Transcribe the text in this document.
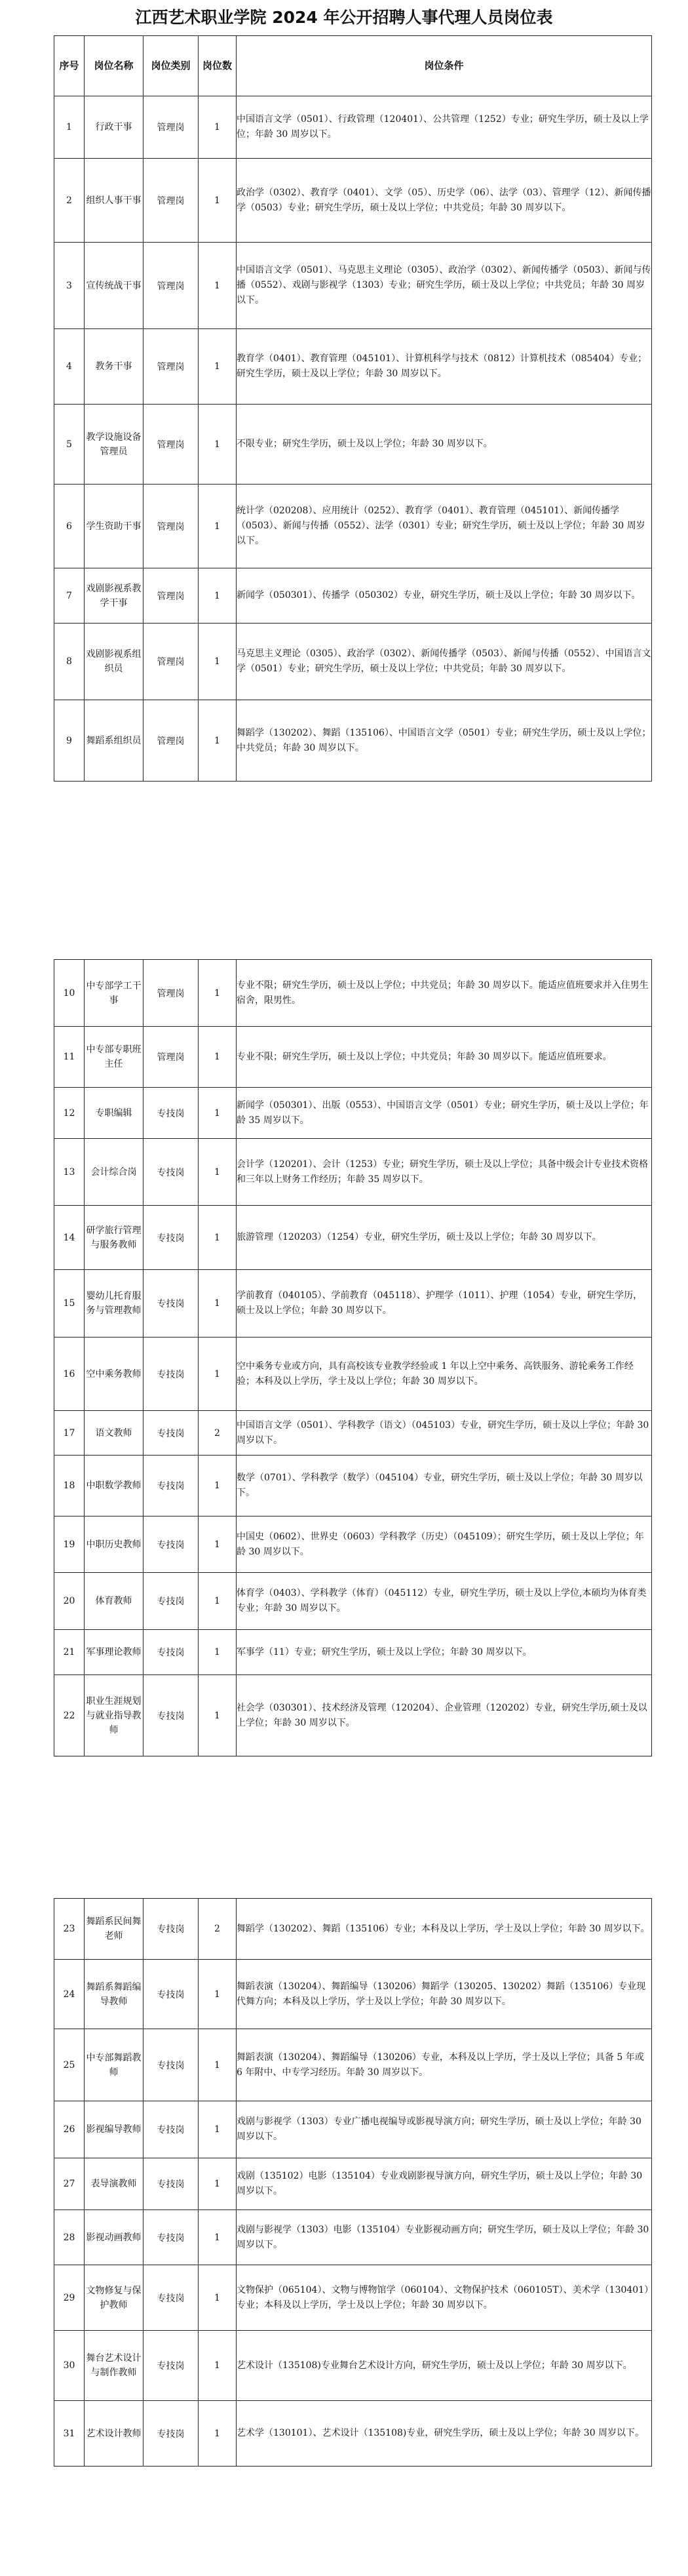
江西艺术职业学院 2024 年公开招聘人事代理人员岗位表
序号	岗位名称	岗位类别	岗位数	岗位条件
1	行政干事	管理岗	1	中国语言文学（0501）、行政管理（120401）、公共管理（1252）专业；研究生学历，硕士及以上学位；年龄 30 周岁以下。
2	组织人事干事	管理岗	1	政治学（0302）、教育学（0401）、文学（05）、历史学（06）、法学（03）、管理学（12）、新闻传播学（0503）专业；研究生学历，硕士及以上学位；中共党员；年龄 30 周岁以下。
3	宣传统战干事	管理岗	1	中国语言文学（0501）、马克思主义理论（0305）、政治学（0302）、新闻传播学（0503）、新闻与传播（0552）、戏剧与影视学（1303）专业；研究生学历，硕士及以上学位；中共党员；年龄 30 周岁以下。
4	教务干事	管理岗	1	教育学（0401）、教育管理（045101）、计算机科学与技术（0812）计算机技术（085404）专业；研究生学历，硕士及以上学位；年龄 30 周岁以下。
5	教学设施设备管理员	管理岗	1	不限专业；研究生学历，硕士及以上学位；年龄 30 周岁以下。
6	学生资助干事	管理岗	1	统计学（020208）、应用统计（0252）、教育学（0401）、教育管理（045101）、新闻传播学（0503）、新闻与传播（0552）、法学（0301）专业；研究生学历，硕士及以上学位；年龄 30 周岁以下。
7	戏剧影视系教学干事	管理岗	1	新闻学（050301）、传播学（050302）专业，研究生学历，硕士及以上学位；年龄 30 周岁以下。
8	戏剧影视系组织员	管理岗	1	马克思主义理论（0305）、政治学（0302）、新闻传播学（0503）、新闻与传播（0552）、中国语言文学（0501）专业；研究生学历，硕士及以上学位；中共党员；年龄 30 周岁以下。
9	舞蹈系组织员	管理岗	1	舞蹈学（130202）、舞蹈（135106）、中国语言文学（0501）专业；研究生学历，硕士及以上学位；中共党员；年龄 30 周岁以下。
10	中专部学工干事	管理岗	1	专业不限；研究生学历，硕士及以上学位；中共党员；年龄 30 周岁以下。能适应值班要求并入住男生宿舍，限男性。
11	中专部专职班主任	管理岗	1	专业不限；研究生学历，硕士及以上学位；中共党员；年龄 30 周岁以下。能适应值班要求。
12	专职编辑	专技岗	1	新闻学（050301）、出版（0553）、中国语言文学（0501）专业；研究生学历，硕士及以上学位；年龄 35 周岁以下。
13	会计综合岗	专技岗	1	会计学（120201）、会计（1253）专业；研究生学历，硕士及以上学位；具备中级会计专业技术资格和三年以上财务工作经历；年龄 35 周岁以下。
14	研学旅行管理与服务教师	专技岗	1	旅游管理（120203）（1254）专业，研究生学历，硕士及以上学位；年龄 30 周岁以下。
15	婴幼儿托育服务与管理教师	专技岗	1	学前教育（040105）、学前教育（045118）、护理学（1011）、护理（1054）专业，研究生学历，硕士及以上学位；年龄 30 周岁以下。
16	空中乘务教师	专技岗	1	空中乘务专业或方向，具有高校该专业教学经验或 1 年以上空中乘务、高铁服务、游轮乘务工作经验；本科及以上学历，学士及以上学位；年龄 30 周岁以下。
17	语文教师	专技岗	2	中国语言文学（0501）、学科教学（语文）（045103）专业，研究生学历，硕士及以上学位；年龄 30 周岁以下。
18	中职数学教师	专技岗	1	数学（0701）、学科教学（数学）（045104）专业，研究生学历，硕士及以上学位；年龄 30 周岁以下。
19	中职历史教师	专技岗	1	中国史（0602）、世界史（0603）学科教学（历史）（045109）；研究生学历，硕士及以上学位；年龄 30 周岁以下。
20	体育教师	专技岗	1	体育学（0403）、学科教学（体育）（045112）专业，研究生学历，硕士及以上学位,本硕均为体育类专业；年龄 30 周岁以下。
21	军事理论教师	专技岗	1	军事学（11）专业；研究生学历，硕士及以上学位；年龄 30 周岁以下。
22	职业生涯规划与就业指导教师	专技岗	1	社会学（030301）、技术经济及管理（120204）、企业管理（120202）专业，研究生学历,硕士及以上学位；年龄 30 周岁以下。
23	舞蹈系民间舞老师	专技岗	2	舞蹈学（130202）、舞蹈（135106）专业；本科及以上学历，学士及以上学位；年龄 30 周岁以下。
24	舞蹈系舞蹈编导教师	专技岗	1	舞蹈表演（130204）、舞蹈编导（130206）舞蹈学（130205、130202）舞蹈（135106）专业现代舞方向；本科及以上学历，学士及以上学位；年龄 30 周岁以下。
25	中专部舞蹈教师	专技岗	1	舞蹈表演（130204）、舞蹈编导（130206）专业，本科及以上学历，学士及以上学位；具备 5 年或 6 年附中、中专学习经历。年龄 30 周岁以下。
26	影视编导教师	专技岗	1	戏剧与影视学（1303）专业广播电视编导或影视导演方向；研究生学历，硕士及以上学位；年龄 30 周岁以下。
27	表导演教师	专技岗	1	戏剧（135102）电影（135104）专业戏剧影视导演方向，研究生学历，硕士及以上学位；年龄 30 周岁以下。
28	影视动画教师	专技岗	1	戏剧与影视学（1303）电影（135104）专业影视动画方向；研究生学历，硕士及以上学位；年龄 30 周岁以下。
29	文物修复与保护教师	专技岗	1	文物保护（065104）、文物与博物馆学（060104）、文物保护技术（060105T）、美术学（130401）专业；本科及以上学历，学士及以上学位；年龄 30 周岁以下。
30	舞台艺术设计与制作教师	专技岗	1	艺术设计（135108)专业舞台艺术设计方向，研究生学历，硕士及以上学位；年龄 30 周岁以下。
31	艺术设计教师	专技岗	1	艺术学（130101）、艺术设计（135108)专业，研究生学历，硕士及以上学位；年龄 30 周岁以下。
